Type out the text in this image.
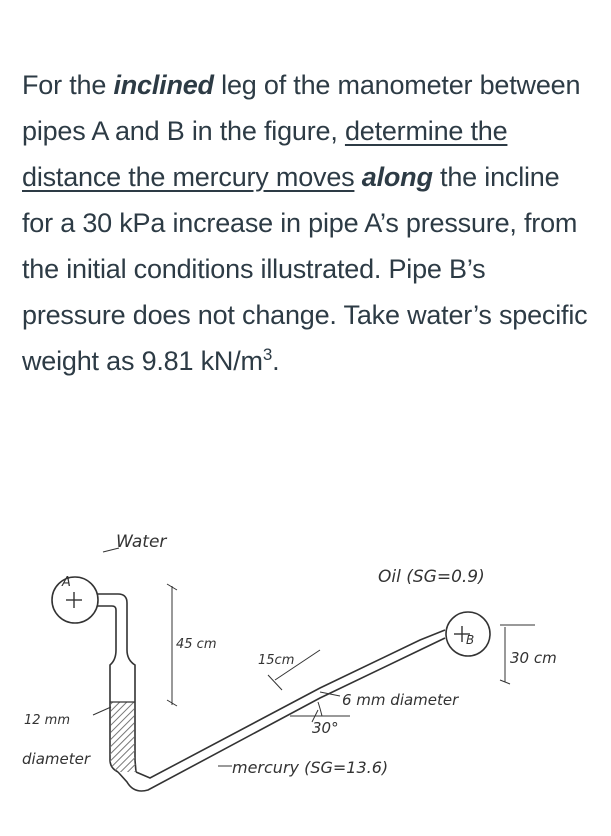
For the inclined leg of the manometer between pipes A and B in the figure, determine the distance the mercury moves along the incline for a 30 kPa increase in pipe A’s pressure, from the initial conditions illustrated. Pipe B’s pressure does not change. Take water’s specific weight as 9.81 $kN/m^3$.

A
B
Water
Oil (SG=0.9)
45 cm
15cm	30 cm
6 mm diameter
30°
12 mm
diameter	mercury (SG=13.6)
